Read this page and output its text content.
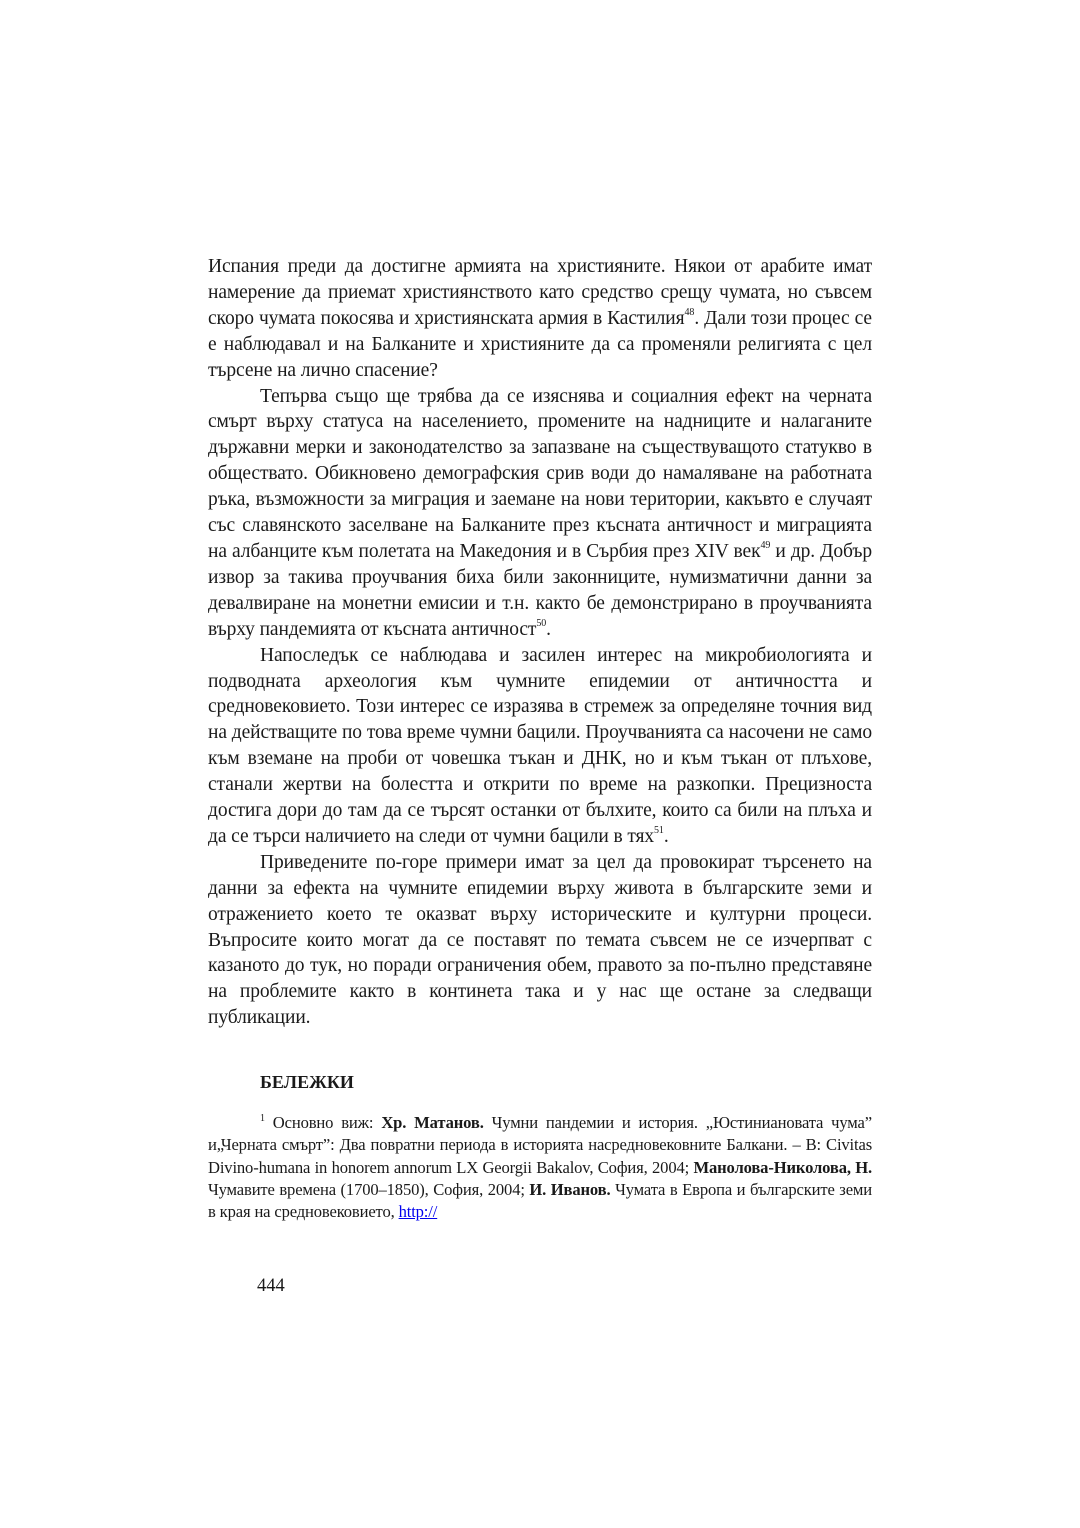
Испания преди да достигне армията на християните. Някои от арабите имат намерение да приемат християнството като средство срещу чумата, но съвсем скоро чумата покосява и християнската армия в Кастилия$^{48}$. Дали този процес се е наблюдавал и на Балканите и християните да са променяли религията с цел търсене на лично спасение?

Тепърва също ще трябва да се изяснява и социалния ефект на черната смърт върху статуса на населението, промените на надниците и налаганите държавни мерки и законодателство за запазване на съществуващото статукво в обществато. Обикновено демографския срив води до намаляване на работната ръка, възможности за миграция и заемане на нови територии, какъвто е случаят със славянското заселване на Балканите през късната античност и миграцията на албанците към полетата на Македония и в Сърбия през XIV век$^{49}$ и др. Добър извор за такива проучвания биха били законниците, нумизматични данни за девалвиране на монетни емисии и т.н. както бе демонстрирано в проучванията върху пандемията от късната античност$^{50}$.

Напоследък се наблюдава и засилен интерес на микробиологията и подводната археология към чумните епидемии от античността и средновековието. Този интерес се изразява в стремеж за определяне точния вид на действащите по това време чумни бацили. Проучванията са насочени не само към вземане на проби от човешка тъкан и ДНК, но и към тъкан от плъхове, станали жертви на болестта и открити по време на разкопки. Прецизноста достига дори до там да се търсят останки от бълхите, които са били на плъха и да се търси наличието на следи от чумни бацили в тях$^{51}$.

Приведените по-горе примери имат за цел да провокират търсенето на данни за ефекта на чумните епидемии върху живота в българските земи и отражението което те оказват върху историческите и културни процеси. Въпросите които могат да се поставят по темата съвсем не се изчерпват с казаното до тук, но поради ограничения обем, правото за по-пълно представяне на проблемите както в континета така и у нас ще остане за следващи публикации.

БЕЛЕЖКИ

$^1$ Основно виж: Хр. Матанов. Чумни пандемии и история. „Юстиниановата чума” и„Черната смърт”: Два повратни периода в историята насредновековните Балкани. – В: Civitas Divino-humana in honorem annorum LX Georgii Bakalov, София, 2004; Манолова-Николова, Н. Чумавите времена (1700–1850), София, 2004; И. Иванов. Чумата в Европа и българските земи в края на средновековието, http://

444
